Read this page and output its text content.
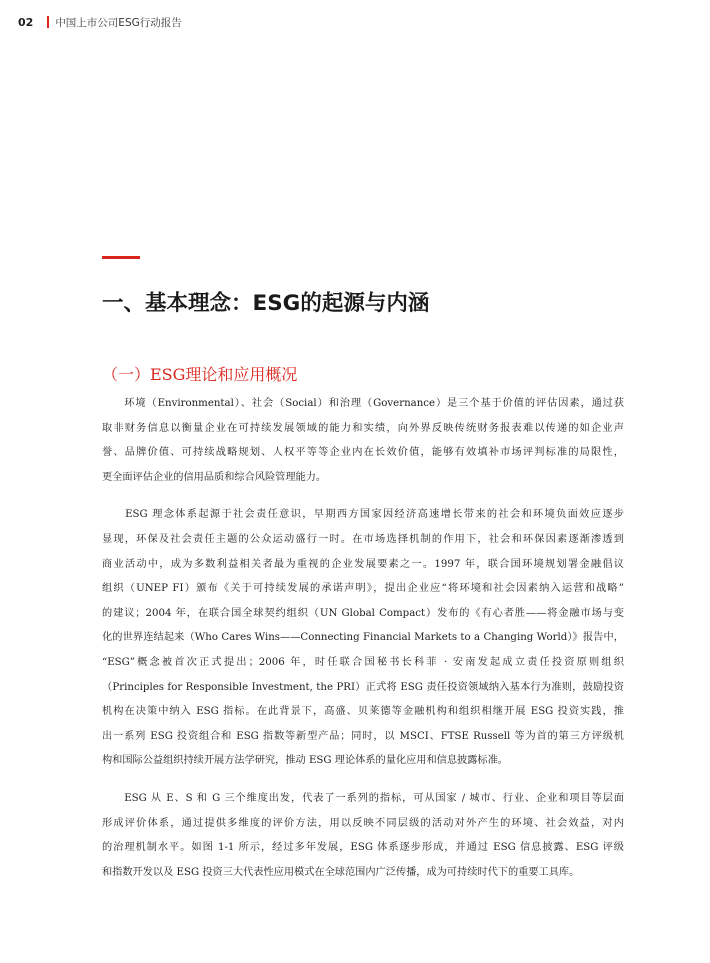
02 中国上市公司ESG行动报告
一、基本理念：ESG的起源与内涵
（一）ESG理论和应用概况
　　环境（Environmental）、社会（Social）和治理（Governance）是三个基于价值的评估因素，通过获
取非财务信息以衡量企业在可持续发展领域的能力和实绩，向外界反映传统财务报表难以传递的如企业声
誉、品牌价值、可持续战略规划、人权平等等企业内在长效价值，能够有效填补市场评判标准的局限性，
更全面评估企业的信用品质和综合风险管理能力。
　　ESG 理念体系起源于社会责任意识，早期西方国家因经济高速增长带来的社会和环境负面效应逐步
显现，环保及社会责任主题的公众运动盛行一时。在市场选择机制的作用下，社会和环保因素逐渐渗透到
商业活动中，成为多数利益相关者最为重视的企业发展要素之一。1997 年，联合国环境规划署金融倡议
组织（UNEP FI）颁布《关于可持续发展的承诺声明》，提出企业应“将环境和社会因素纳入运营和战略”
的建议；2004 年，在联合国全球契约组织（UN Global Compact）发布的《有心者胜——将金融市场与变
化的世界连结起来（Who Cares Wins——Connecting Financial Markets to a Changing World）》报告中，
“ESG”概念被首次正式提出；2006 年，时任联合国秘书长科菲 · 安南发起成立责任投资原则组织
（Principles for Responsible Investment, the PRI）正式将 ESG 责任投资领域纳入基本行为准则，鼓励投资
机构在决策中纳入 ESG 指标。在此背景下，高盛、贝莱德等金融机构和组织相继开展 ESG 投资实践，推
出一系列 ESG 投资组合和 ESG 指数等新型产品；同时，以 MSCI、FTSE Russell 等为首的第三方评级机
构和国际公益组织持续开展方法学研究，推动 ESG 理论体系的量化应用和信息披露标准。
　　ESG 从 E、S 和 G 三个维度出发，代表了一系列的指标，可从国家 / 城市、行业、企业和项目等层面
形成评价体系，通过提供多维度的评价方法，用以反映不同层级的活动对外产生的环境、社会效益，对内
的治理机制水平。如图 1-1 所示，经过多年发展，ESG 体系逐步形成，并通过 ESG 信息披露、ESG 评级
和指数开发以及 ESG 投资三大代表性应用模式在全球范围内广泛传播，成为可持续时代下的重要工具库。
